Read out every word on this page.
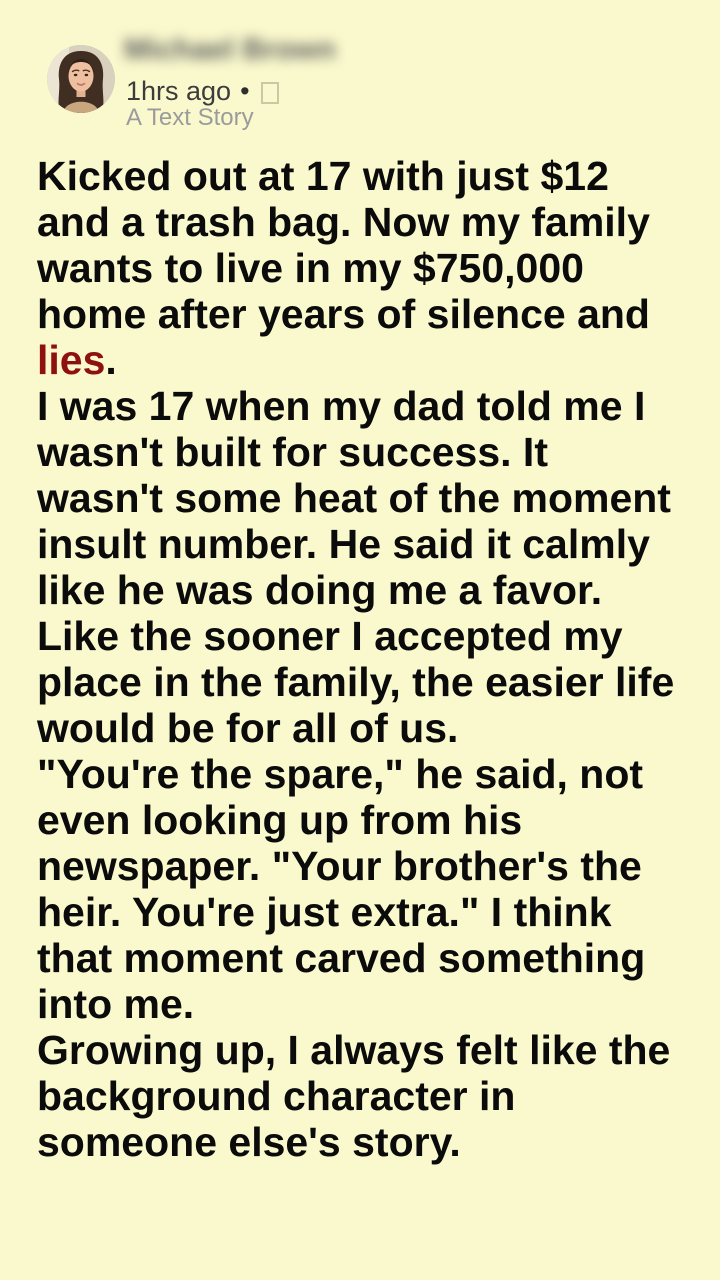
Michael Brown
1hrs ago •
A Text Story
Kicked out at 17 with just $12
and a trash bag. Now my family
wants to live in my $750,000
home after years of silence and
lies.
I was 17 when my dad told me I
wasn't built for success. It
wasn't some heat of the moment
insult number. He said it calmly
like he was doing me a favor.
Like the sooner I accepted my
place in the family, the easier life
would be for all of us.
"You're the spare," he said, not
even looking up from his
newspaper. "Your brother's the
heir. You're just extra." I think
that moment carved something
into me.
Growing up, I always felt like the
background character in
someone else's story.
